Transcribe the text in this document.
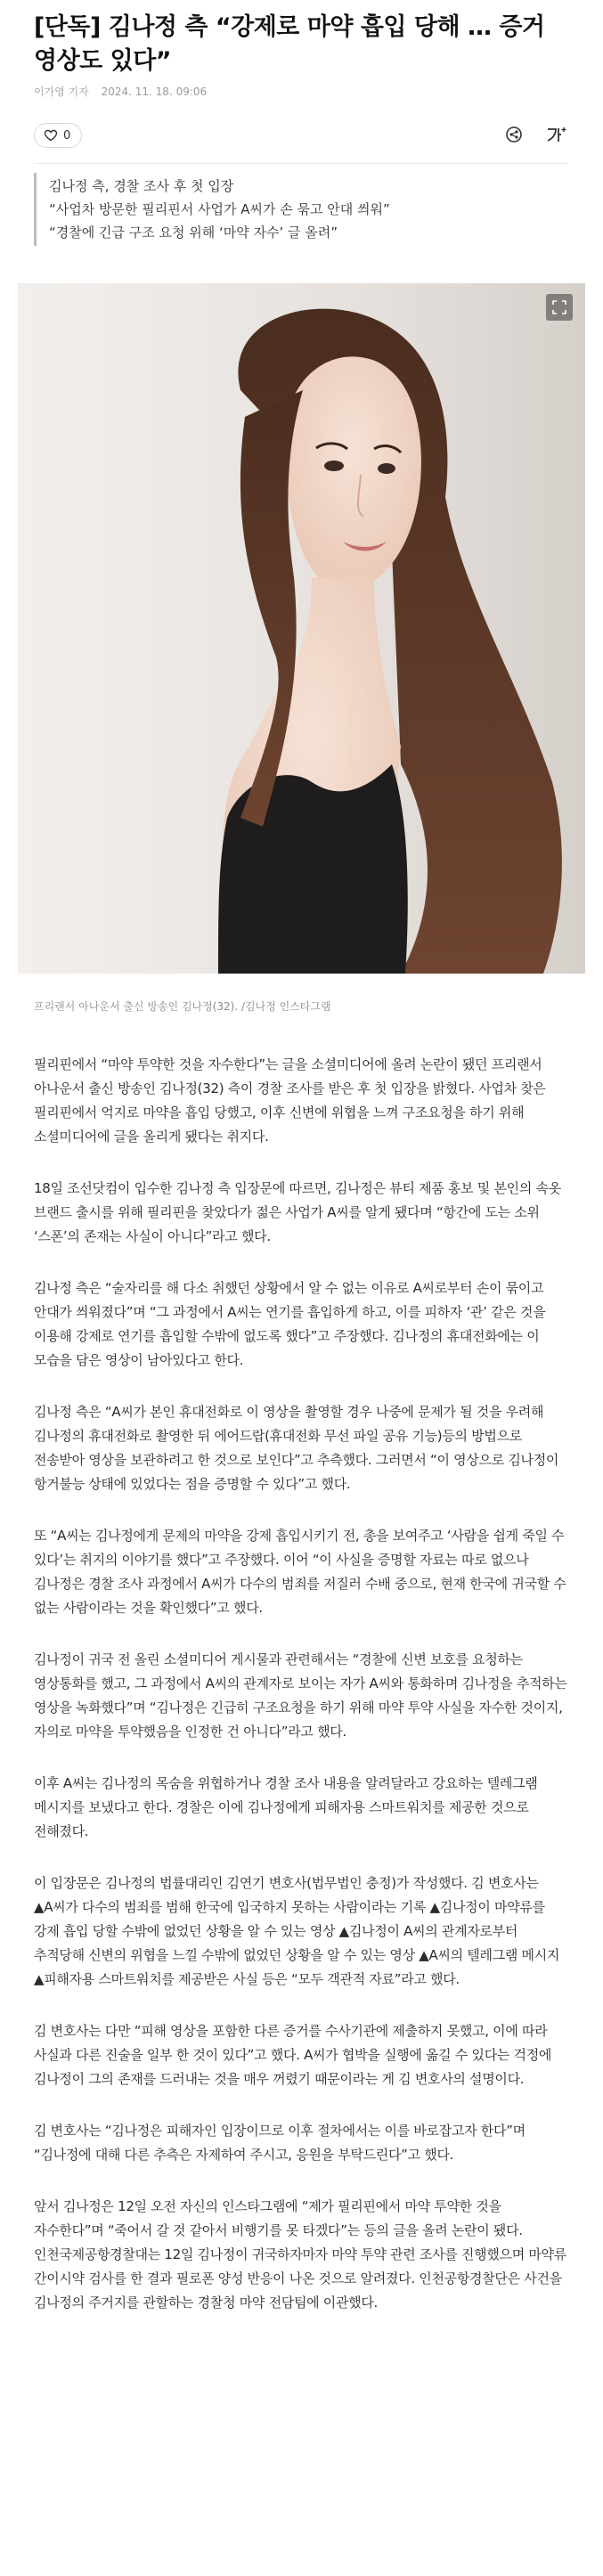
[단독] 김나정 측 “강제로 마약 흡입 당해 … 증거 영상도 있다”
이가영 기자 2024. 11. 18. 09:06
0
김나정 측, 경찰 조사 후 첫 입장
“사업차 방문한 필리핀서 사업가 A씨가 손 묶고 안대 씌워”
“경찰에 긴급 구조 요청 위해 ‘마약 자수’ 글 올려”
프리랜서 아나운서 출신 방송인 김나정(32). /김나정 인스타그램

필리핀에서 “마약 투약한 것을 자수한다”는 글을 소셜미디어에 올려 논란이 됐던 프리랜서 아나운서 출신 방송인 김나정(32) 측이 경찰 조사를 받은 후 첫 입장을 밝혔다. 사업차 찾은 필리핀에서 억지로 마약을 흡입 당했고, 이후 신변에 위협을 느껴 구조요청을 하기 위해 소셜미디어에 글을 올리게 됐다는 취지다.

18일 조선닷컴이 입수한 김나정 측 입장문에 따르면, 김나정은 뷰티 제품 홍보 및 본인의 속옷 브랜드 출시를 위해 필리핀을 찾았다가 젊은 사업가 A씨를 알게 됐다며 “항간에 도는 소위 ‘스폰’의 존재는 사실이 아니다”라고 했다.

김나정 측은 “술자리를 해 다소 취했던 상황에서 알 수 없는 이유로 A씨로부터 손이 묶이고 안대가 씌워졌다”며 “그 과정에서 A씨는 연기를 흡입하게 하고, 이를 피하자 ‘관’ 같은 것을 이용해 강제로 연기를 흡입할 수밖에 없도록 했다”고 주장했다. 김나정의 휴대전화에는 이 모습을 담은 영상이 남아있다고 한다.

김나정 측은 “A씨가 본인 휴대전화로 이 영상을 촬영할 경우 나중에 문제가 될 것을 우려해 김나정의 휴대전화로 촬영한 뒤 에어드랍(휴대전화 무선 파일 공유 기능)등의 방법으로 전송받아 영상을 보관하려고 한 것으로 보인다”고 추측했다. 그러면서 “이 영상으로 김나정이 항거불능 상태에 있었다는 점을 증명할 수 있다”고 했다.

또 “A씨는 김나정에게 문제의 마약을 강제 흡입시키기 전, 총을 보여주고 ‘사람을 쉽게 죽일 수 있다’는 취지의 이야기를 했다”고 주장했다. 이어 “이 사실을 증명할 자료는 따로 없으나 김나정은 경찰 조사 과정에서 A씨가 다수의 범죄를 저질러 수배 중으로, 현재 한국에 귀국할 수 없는 사람이라는 것을 확인했다”고 했다.

김나정이 귀국 전 올린 소셜미디어 게시물과 관련해서는 “경찰에 신변 보호를 요청하는 영상통화를 했고, 그 과정에서 A씨의 관계자로 보이는 자가 A씨와 통화하며 김나정을 추적하는 영상을 녹화했다”며 “김나정은 긴급히 구조요청을 하기 위해 마약 투약 사실을 자수한 것이지, 자의로 마약을 투약했음을 인정한 건 아니다”라고 했다.

이후 A씨는 김나정의 목숨을 위협하거나 경찰 조사 내용을 알려달라고 강요하는 텔레그램 메시지를 보냈다고 한다. 경찰은 이에 김나정에게 피해자용 스마트워치를 제공한 것으로 전해졌다.

이 입장문은 김나정의 법률대리인 김연기 변호사(법무법인 충정)가 작성했다. 김 변호사는 ▲A씨가 다수의 범죄를 범해 한국에 입국하지 못하는 사람이라는 기록 ▲김나정이 마약류를 강제 흡입 당할 수밖에 없었던 상황을 알 수 있는 영상 ▲김나정이 A씨의 관계자로부터 추적당해 신변의 위협을 느낄 수밖에 없었던 상황을 알 수 있는 영상 ▲A씨의 텔레그램 메시지 ▲피해자용 스마트워치를 제공받은 사실 등은 “모두 객관적 자료”라고 했다.

김 변호사는 다만 “피해 영상을 포함한 다른 증거를 수사기관에 제출하지 못했고, 이에 따라 사실과 다른 진술을 일부 한 것이 있다”고 했다. A씨가 협박을 실행에 옮길 수 있다는 걱정에 김나정이 그의 존재를 드러내는 것을 매우 꺼렸기 때문이라는 게 김 변호사의 설명이다.

김 변호사는 “김나정은 피해자인 입장이므로 이후 절차에서는 이를 바로잡고자 한다”며 “김나정에 대해 다른 추측은 자제하여 주시고, 응원을 부탁드린다”고 했다.

앞서 김나정은 12일 오전 자신의 인스타그램에 “제가 필리핀에서 마약 투약한 것을 자수한다”며 “죽어서 갈 것 같아서 비행기를 못 타겠다”는 등의 글을 올려 논란이 됐다. 인천국제공항경찰대는 12일 김나정이 귀국하자마자 마약 투약 관련 조사를 진행했으며 마약류 간이시약 검사를 한 결과 필로폰 양성 반응이 나온 것으로 알려졌다. 인천공항경찰단은 사건을 김나정의 주거지를 관할하는 경찰청 마약 전담팀에 이관했다.
